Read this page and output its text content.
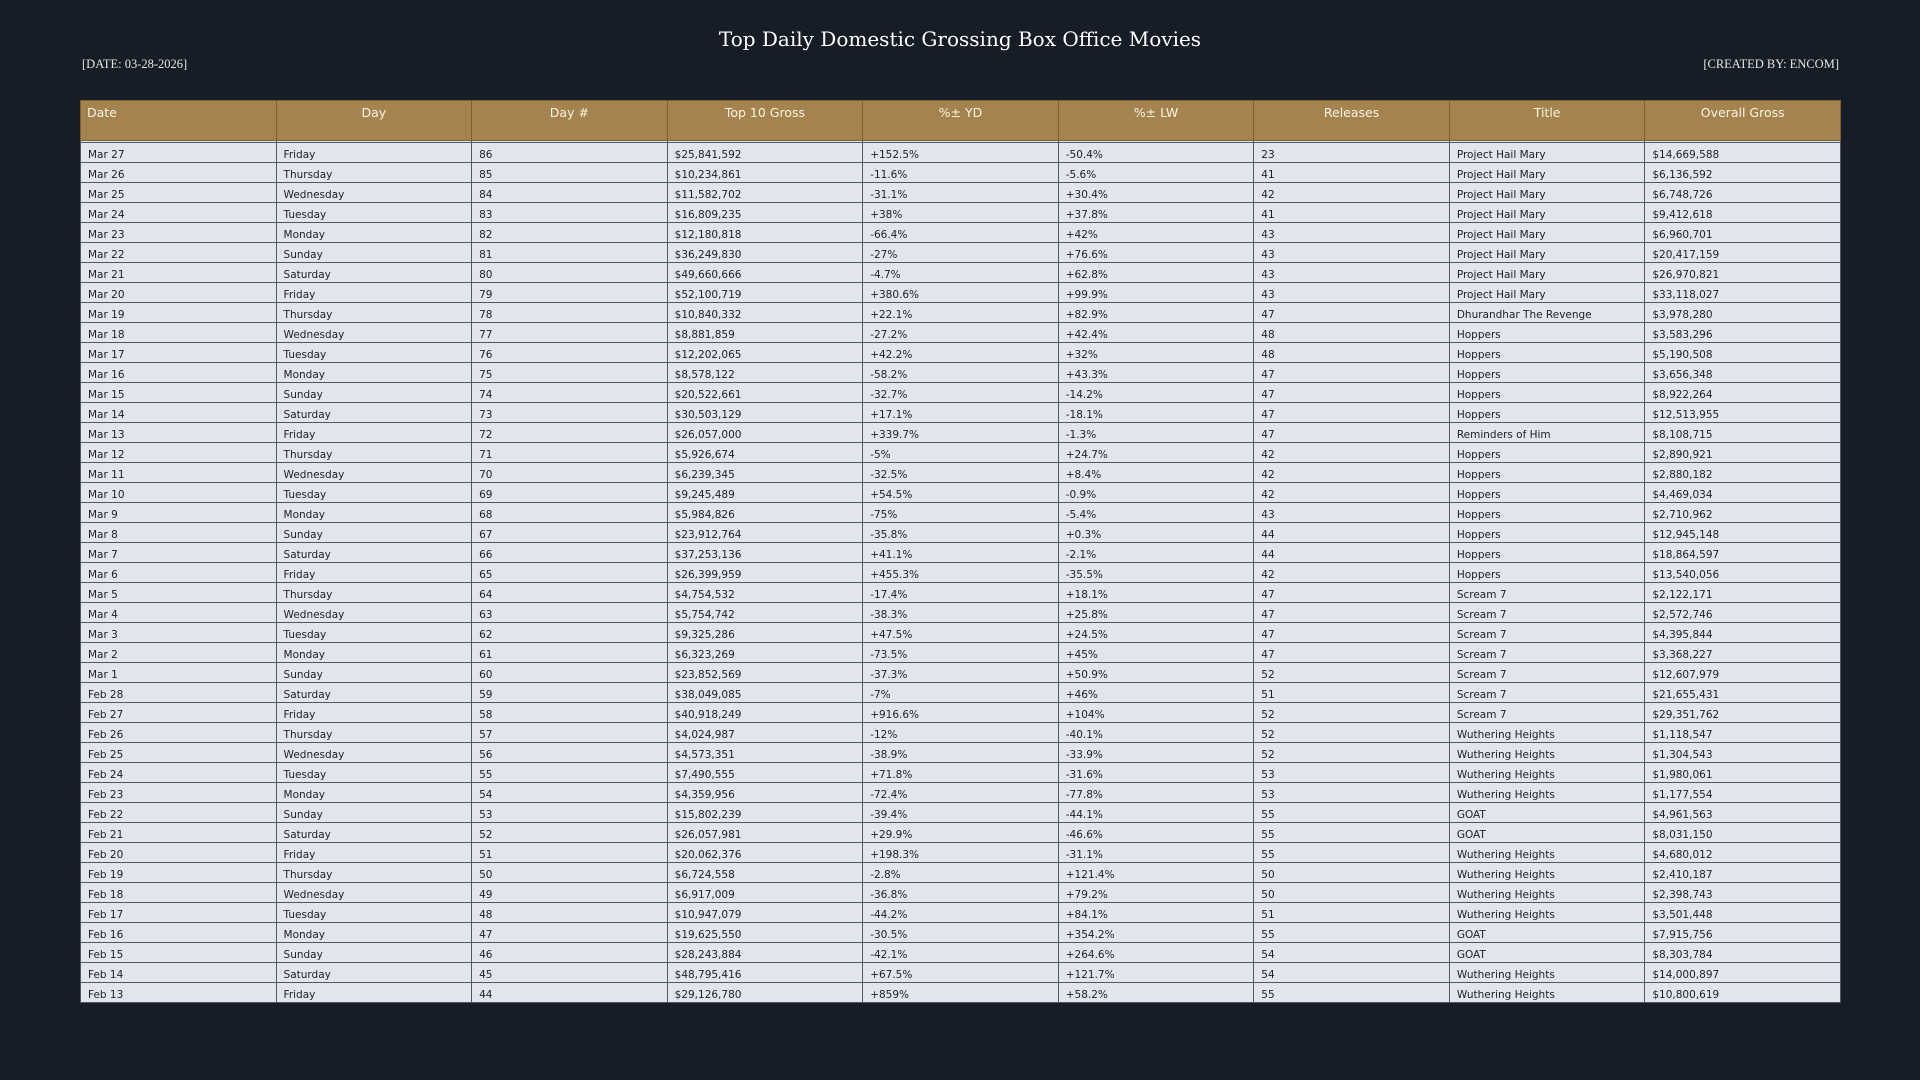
Top Daily Domestic Grossing Box Office Movies
[DATE: 03-28-2026]	[CREATED BY: ENCOM]
Date	Day	Day #	Top 10 Gross	%± YD	%± LW	Releases	Title	Overall Gross

Mar 27	Friday	86	$25,841,592	+152.5%	-50.4%	23	Project Hail Mary	$14,669,588
Mar 26	Thursday	85	$10,234,861	-11.6%	-5.6%	41	Project Hail Mary	$6,136,592
Mar 25	Wednesday	84	$11,582,702	-31.1%	+30.4%	42	Project Hail Mary	$6,748,726
Mar 24	Tuesday	83	$16,809,235	+38%	+37.8%	41	Project Hail Mary	$9,412,618
Mar 23	Monday	82	$12,180,818	-66.4%	+42%	43	Project Hail Mary	$6,960,701
Mar 22	Sunday	81	$36,249,830	-27%	+76.6%	43	Project Hail Mary	$20,417,159
Mar 21	Saturday	80	$49,660,666	-4.7%	+62.8%	43	Project Hail Mary	$26,970,821
Mar 20	Friday	79	$52,100,719	+380.6%	+99.9%	43	Project Hail Mary	$33,118,027
Mar 19	Thursday	78	$10,840,332	+22.1%	+82.9%	47	Dhurandhar The Revenge	$3,978,280
Mar 18	Wednesday	77	$8,881,859	-27.2%	+42.4%	48	Hoppers	$3,583,296
Mar 17	Tuesday	76	$12,202,065	+42.2%	+32%	48	Hoppers	$5,190,508
Mar 16	Monday	75	$8,578,122	-58.2%	+43.3%	47	Hoppers	$3,656,348
Mar 15	Sunday	74	$20,522,661	-32.7%	-14.2%	47	Hoppers	$8,922,264
Mar 14	Saturday	73	$30,503,129	+17.1%	-18.1%	47	Hoppers	$12,513,955
Mar 13	Friday	72	$26,057,000	+339.7%	-1.3%	47	Reminders of Him	$8,108,715
Mar 12	Thursday	71	$5,926,674	-5%	+24.7%	42	Hoppers	$2,890,921
Mar 11	Wednesday	70	$6,239,345	-32.5%	+8.4%	42	Hoppers	$2,880,182
Mar 10	Tuesday	69	$9,245,489	+54.5%	-0.9%	42	Hoppers	$4,469,034
Mar 9	Monday	68	$5,984,826	-75%	-5.4%	43	Hoppers	$2,710,962
Mar 8	Sunday	67	$23,912,764	-35.8%	+0.3%	44	Hoppers	$12,945,148
Mar 7	Saturday	66	$37,253,136	+41.1%	-2.1%	44	Hoppers	$18,864,597
Mar 6	Friday	65	$26,399,959	+455.3%	-35.5%	42	Hoppers	$13,540,056
Mar 5	Thursday	64	$4,754,532	-17.4%	+18.1%	47	Scream 7	$2,122,171
Mar 4	Wednesday	63	$5,754,742	-38.3%	+25.8%	47	Scream 7	$2,572,746
Mar 3	Tuesday	62	$9,325,286	+47.5%	+24.5%	47	Scream 7	$4,395,844
Mar 2	Monday	61	$6,323,269	-73.5%	+45%	47	Scream 7	$3,368,227
Mar 1	Sunday	60	$23,852,569	-37.3%	+50.9%	52	Scream 7	$12,607,979
Feb 28	Saturday	59	$38,049,085	-7%	+46%	51	Scream 7	$21,655,431
Feb 27	Friday	58	$40,918,249	+916.6%	+104%	52	Scream 7	$29,351,762
Feb 26	Thursday	57	$4,024,987	-12%	-40.1%	52	Wuthering Heights	$1,118,547
Feb 25	Wednesday	56	$4,573,351	-38.9%	-33.9%	52	Wuthering Heights	$1,304,543
Feb 24	Tuesday	55	$7,490,555	+71.8%	-31.6%	53	Wuthering Heights	$1,980,061
Feb 23	Monday	54	$4,359,956	-72.4%	-77.8%	53	Wuthering Heights	$1,177,554
Feb 22	Sunday	53	$15,802,239	-39.4%	-44.1%	55	GOAT	$4,961,563
Feb 21	Saturday	52	$26,057,981	+29.9%	-46.6%	55	GOAT	$8,031,150
Feb 20	Friday	51	$20,062,376	+198.3%	-31.1%	55	Wuthering Heights	$4,680,012
Feb 19	Thursday	50	$6,724,558	-2.8%	+121.4%	50	Wuthering Heights	$2,410,187
Feb 18	Wednesday	49	$6,917,009	-36.8%	+79.2%	50	Wuthering Heights	$2,398,743
Feb 17	Tuesday	48	$10,947,079	-44.2%	+84.1%	51	Wuthering Heights	$3,501,448
Feb 16	Monday	47	$19,625,550	-30.5%	+354.2%	55	GOAT	$7,915,756
Feb 15	Sunday	46	$28,243,884	-42.1%	+264.6%	54	GOAT	$8,303,784
Feb 14	Saturday	45	$48,795,416	+67.5%	+121.7%	54	Wuthering Heights	$14,000,897
Feb 13	Friday	44	$29,126,780	+859%	+58.2%	55	Wuthering Heights	$10,800,619
